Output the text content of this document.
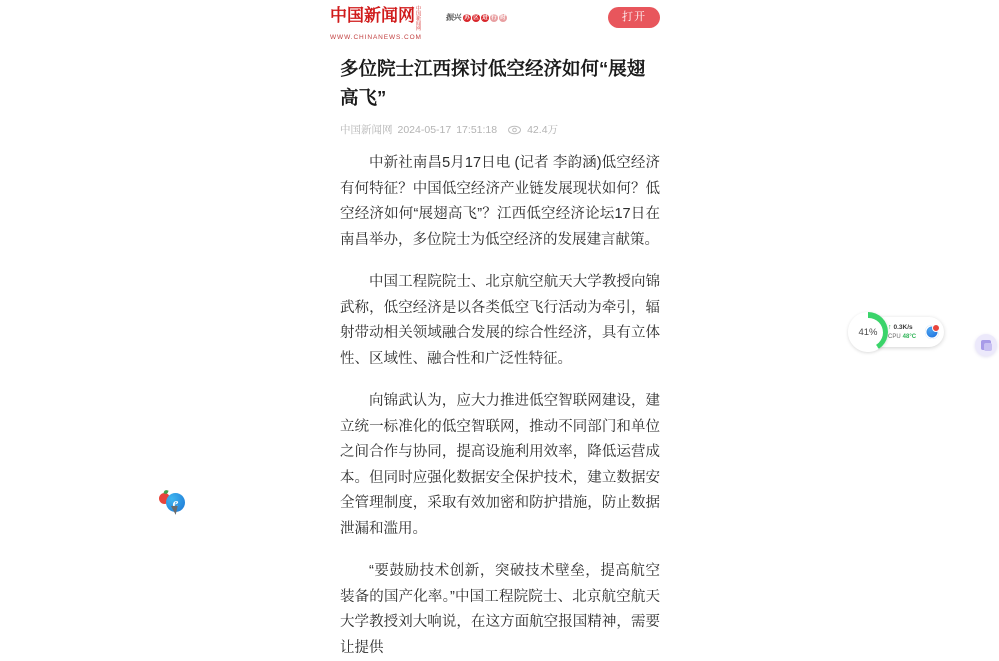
中国新闻网中国
新闻网
WWW.CHINANEWS.COM
振兴 苏 区 进 行 时	打开
多位院士江西探讨低空经济如何“展翅高飞”
中国新闻网 2024-05-17 17:51:18	42.4万

中新社南昌5月17日电 (记者 李韵涵)低空经济有何特征？中国低空经济产业链发展现状如何？低空经济如何“展翅高飞”？江西低空经济论坛17日在南昌举办，多位院士为低空经济的发展建言献策。

中国工程院院士、北京航空航天大学教授向锦武称，低空经济是以各类低空飞行活动为牵引，辐射带动相关领域融合发展的综合性经济，具有立体性、区域性、融合性和广泛性特征。

向锦武认为，应大力推进低空智联网建设，建立统一标准化的低空智联网，推动不同部门和单位之间合作与协同，提高设施利用效率，降低运营成本。但同时应强化数据安全保护技术，建立数据安全管理制度，采取有效加密和防护措施，防止数据泄漏和滥用。

“要鼓励技术创新，突破技术壁垒，提高航空装备的国产化率。”中国工程院院士、北京航空航天大学教授刘大响说，在这方面航空报国精神，需要让提供

↑ 0.3K/s
CPU 48°C
41%
e
